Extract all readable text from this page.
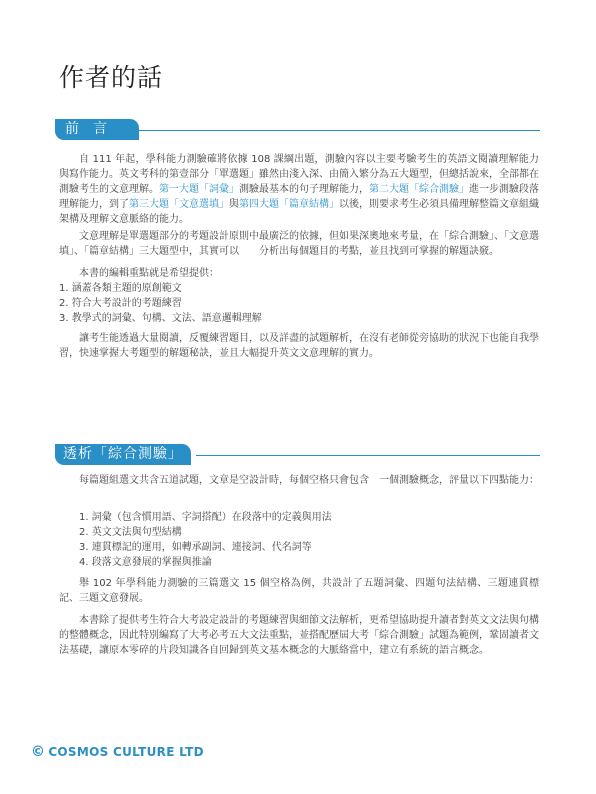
作者的話
前言
自 111 年起，學科能力測驗確將依據 108 課綱出題，測驗內容以主要考驗考生的英語文閱讀理解能力與寫作能力。英文考科的第壹部分「單選題」雖然由淺入深、由簡入繁分為五大題型，但總括說來，全部都在測驗考生的文意理解。第一大題「詞彙」測驗最基本的句子理解能力，第二大題「綜合測驗」進一步測驗段落理解能力，到了第三大題「文意選填」與第四大題「篇章結構」以後，則要求考生必須具備理解整篇文章組織架構及理解文意脈絡的能力。
文意理解是單選題部分的考題設計原則中最廣泛的依據，但如果深奧地來考量，在「綜合測驗」、「文意選填」、「篇章結構」三大題型中，其實可以　　分析出每個題目的考點，並且找到可掌握的解題訣竅。
本書的編輯重點就是希望提供：
1. 涵蓋各類主題的原創範文
2. 符合大考設計的考題練習
3. 教學式的詞彙、句構、文法、語意邏輯理解
讓考生能透過大量閱讀，反覆練習題目，以及詳盡的試題解析，在沒有老師從旁協助的狀況下也能自我學習，快速掌握大考題型的解題秘訣，並且大幅提升英文文意理解的實力。
透析「綜合測驗」
每篇題組選文共含五道試題，文章是空設計時，每個空格只會包含　一個測驗概念，評量以下四點能力：
1. 詞彙（包含慣用語、字詞搭配）在段落中的定義與用法
2. 英文文法與句型結構
3. 連貫標記的運用，如轉承副詞、連接詞、代名詞等
4. 段落文意發展的掌握與推論
舉 102 年學科能力測驗的三篇選文 15 個空格為例，共設計了五題詞彙、四題句法結構、三題連貫標記、三題文意發展。
本書除了提供考生符合大考設定設計的考題練習與細節文法解析，更希望協助提升讀者對英文文法與句構的整體概念，因此特別編寫了大考必考五大文法重點，並搭配歷屆大考「綜合測驗」試題為範例，鞏固讀者文法基礎，讓原本零碎的片段知識各自回歸到英文基本概念的大脈絡當中，建立有系統的語言概念。
© COSMOS CULTURE LTD
